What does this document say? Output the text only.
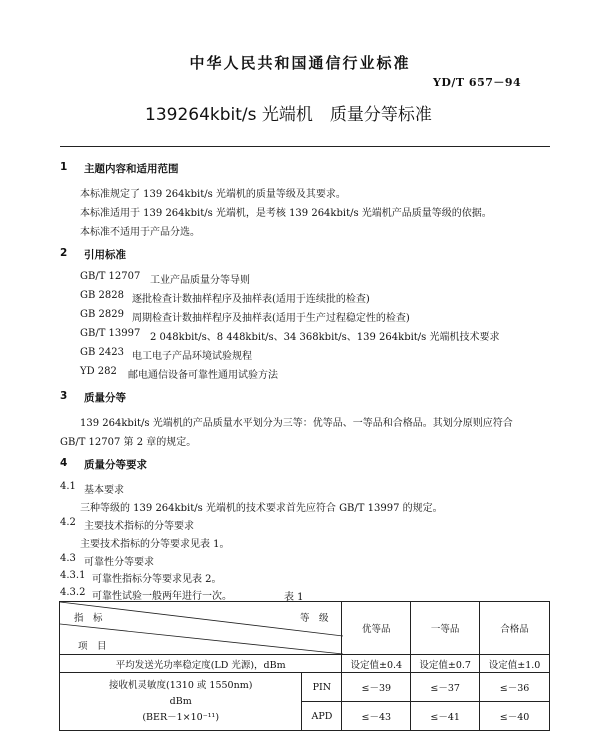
中华人民共和国通信行业标准
YD/T 657－94
139264kbit/s 光端机　质量分等标准
1 主题内容和适用范围
本标准规定了 139 264kbit/s 光端机的质量等级及其要求。
本标准适用于 139 264kbit/s 光端机，是考核 139 264kbit/s 光端机产品质量等级的依据。
本标准不适用于产品分选。
2 引用标准
GB/T 12707 工业产品质量分等导则
GB 2828 逐批检查计数抽样程序及抽样表(适用于连续批的检查)
GB 2829 周期检查计数抽样程序及抽样表(适用于生产过程稳定性的检查)
GB/T 13997 2 048kbit/s、8 448kbit/s、34 368kbit/s、139 264kbit/s 光端机技术要求
GB 2423 电工电子产品环境试验规程
YD 282 邮电通信设备可靠性通用试验方法
3 质量分等
139 264kbit/s 光端机的产品质量水平划分为三等：优等品、一等品和合格品。其划分原则应符合
GB/T 12707 第 2 章的规定。
4 质量分等要求
4.1 基本要求
三种等级的 139 264kbit/s 光端机的技术要求首先应符合 GB/T 13997 的规定。
4.2 主要技术指标的分等要求
主要技术指标的分等要求见表 1。
4.3 可靠性分等要求
4.3.1 可靠性指标分等要求见表 2。
4.3.2 可靠性试验一般两年进行一次。	表 1
指　标 等　级
项　目		优等品	一等品	合格品
平均发送光功率稳定度(LD 光源)，dBm		设定值±0.4	设定值±0.7	设定值±1.0

接收机灵敏度(1310 或 1550nm)
dBm
(BER－1×10⁻¹¹)	PIN	≤－39	≤－37	≤－36
	APD	≤－43	≤－41	≤－40
